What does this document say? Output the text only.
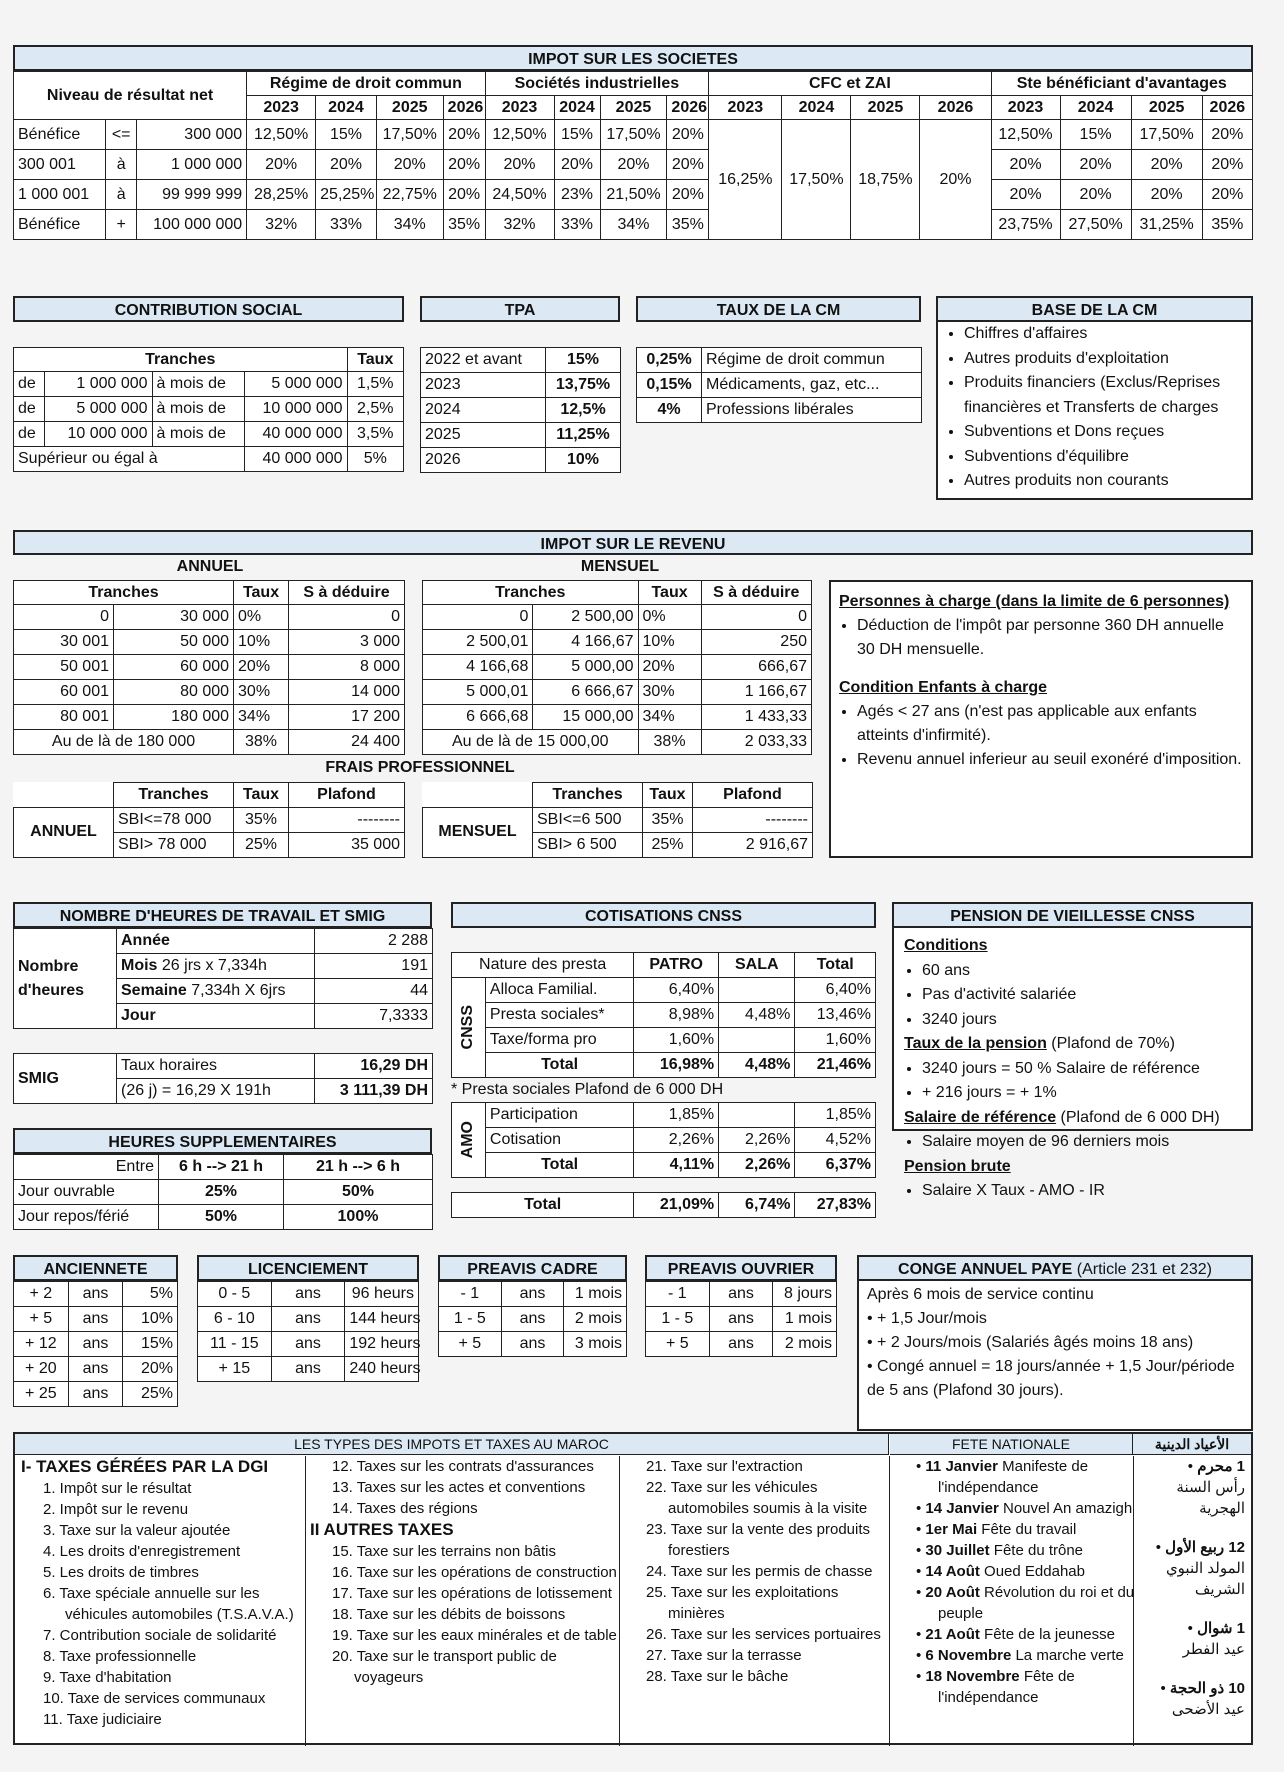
IMPOT SUR LES SOCIETES
Niveau de résultat net			Régime de droit commun				Sociétés industrielles				CFC et ZAI				Ste bénéficiant d'avantages			
			2023	2024	2025	2026	2023	2024	2025	2026	2023	2024	2025	2026	2023	2024	2025	2026
Bénéfice	<=	300 000	12,50%	15%	17,50%	20%	12,50%	15%	17,50%	20%	16,25%	17,50%	18,75%	20%	12,50%	15%	17,50%	20%
300 001	à	1 000 000	20%	20%	20%	20%	20%	20%	20%	20%					20%	20%	20%	20%
1 000 001	à	99 999 999	28,25%	25,25%	22,75%	20%	24,50%	23%	21,50%	20%					20%	20%	20%	20%
Bénéfice	+	100 000 000	32%	33%	34%	35%	32%	33%	34%	35%					23,75%	27,50%	31,25%	35%
CONTRIBUTION SOCIAL
Tranches				Taux
de	1 000 000	à mois de	5 000 000	1,5%
de	5 000 000	à mois de	10 000 000	2,5%
de	10 000 000	à mois de	40 000 000	3,5%
Supérieur ou égal à			40 000 000	5%
TPA
2022 et avant	15%
2023	13,75%
2024	12,5%
2025	11,25%
2026	10%
TAUX DE LA CM
0,25%	Régime de droit commun
0,15%	Médicaments, gaz, etc...
4%	Professions libérales
BASE DE LA CM
• Chiffres d'affaires
• Autres produits d'exploitation
• Produits financiers (Exclus/Reprises financières et Transferts de charges
• Subventions et Dons reçues
• Subventions d'équilibre
• Autres produits non courants
IMPOT SUR LE REVENU
ANNUEL	MENSUEL
Tranches		Taux	S à déduire
0	30 000	0%	0
30 001	50 000	10%	3 000
50 001	60 000	20%	8 000
60 001	80 000	30%	14 000
80 001	180 000	34%	17 200
Au de là de 180 000		38%	24 400
Tranches		Taux	S à déduire
0	2 500,00	0%	0
2 500,01	4 166,67	10%	250
4 166,68	5 000,00	20%	666,67
5 000,01	6 666,67	30%	1 166,67
6 666,68	15 000,00	34%	1 433,33
Au de là de 15 000,00		38%	2 033,33
FRAIS PROFESSIONNEL
	Tranches	Taux	Plafond
ANNUEL	SBI<=78 000	35%	--------
	SBI> 78 000	25%	35 000
	Tranches	Taux	Plafond
MENSUEL	SBI<=6 500	35%	--------
	SBI> 6 500	25%	2 916,67
Personnes à charge (dans la limite de 6 personnes)
• Déduction de l'impôt par personne 360 DH annuelle 30 DH mensuelle.
Condition Enfants à charge
• Agés < 27 ans (n'est pas applicable aux enfants atteints d'infirmité).
• Revenu annuel inferieur au seuil exonéré d'imposition.
NOMBRE D'HEURES DE TRAVAIL ET SMIG
Nombre d'heures	Année	2 288
	Mois 26 jrs x 7,334h	191
	Semaine 7,334h X 6jrs	44
	Jour	7,3333
SMIG	Taux horaires	16,29 DH
	(26 j) = 16,29 X 191h	3 111,39 DH
HEURES SUPPLEMENTAIRES
Entre	6 h --> 21 h	21 h --> 6 h
Jour ouvrable	25%	50%
Jour repos/férié	50%	100%
COTISATIONS CNSS
Nature des presta		PATRO	SALA	Total

CNSS	Alloca Familial.	6,40%		6,40%
	Presta sociales*	8,98%	4,48%	13,46%
	Taxe/forma pro	1,60%		1,60%
	Total	16,98%	4,48%	21,46%
* Presta sociales Plafond de 6 000 DH
AMO	Participation	1,85%		1,85%
	Cotisation	2,26%	2,26%	4,52%
	Total	4,11%	2,26%	6,37%
Total	21,09%	6,74%	27,83%
PENSION DE VIEILLESSE CNSS
Conditions
• 60 ans
• Pas d'activité salariée
• 3240 jours
Taux de la pension (Plafond de 70%)
• 3240 jours = 50 % Salaire de référence
• + 216 jours = + 1%
Salaire de référence (Plafond de 6 000 DH)
• Salaire moyen de 96 derniers mois
Pension brute
• Salaire X Taux - AMO - IR
ANCIENNETE
+ 2	ans	5%
+ 5	ans	10%
+ 12	ans	15%
+ 20	ans	20%
+ 25	ans	25%
LICENCIEMENT
0 - 5	ans	96 heurs
6 - 10	ans	144 heurs
11 - 15	ans	192 heurs
+ 15	ans	240 heurs
PREAVIS CADRE
- 1	ans	1 mois
1 - 5	ans	2 mois
+ 5	ans	3 mois
PREAVIS OUVRIER
- 1	ans	8 jours
1 - 5	ans	1 mois
+ 5	ans	2 mois
CONGE ANNUEL PAYE (Article 231 et 232)
Après 6 mois de service continu
• + 1,5 Jour/mois
• + 2 Jours/mois (Salariés âgés moins 18 ans)
• Congé annuel = 18 jours/année + 1,5 Jour/période de 5 ans (Plafond 30 jours).
LES TYPES DES IMPOTS ET TAXES AU MAROC	FETE NATIONALE	الأعياد الدينية
I- TAXES GÉRÉES PAR LA DGI
1. Impôt sur le résultat
2. Impôt sur le revenu
3. Taxe sur la valeur ajoutée
4. Les droits d'enregistrement
5. Les droits de timbres
6. Taxe spéciale annuelle sur les véhicules automobiles (T.S.A.V.A.)
7. Contribution sociale de solidarité
8. Taxe professionnelle
9. Taxe d'habitation
10. Taxe de services communaux
11. Taxe judiciaire
12. Taxes sur les contrats d'assurances
13. Taxes sur les actes et conventions
14. Taxes des régions
II AUTRES TAXES
15. Taxe sur les terrains non bâtis
16. Taxe sur les opérations de construction
17. Taxe sur les opérations de lotissement
18. Taxe sur les débits de boissons
19. Taxe sur les eaux minérales et de table
20. Taxe sur le transport public de voyageurs
21. Taxe sur l'extraction
22. Taxe sur les véhicules automobiles soumis à la visite
23. Taxe sur la vente des produits forestiers
24. Taxe sur les permis de chasse
25. Taxe sur les exploitations minières
26. Taxe sur les services portuaires
27. Taxe sur la terrasse
28. Taxe sur le bâche
• 11 Janvier Manifeste de l'indépendance
• 14 Janvier Nouvel An amazigh
• 1er Mai Fête du travail
• 30 Juillet Fête du trône
• 14 Août Oued Eddahab
• 20 Août Révolution du roi et du peuple
• 21 Août Fête de la jeunesse
• 6 Novembre La marche verte
• 18 Novembre Fête de l'indépendance
1 محرم •
رأس السنة الهجرية
12 ربيع الأول •
المولد النبوي الشريف
1 شوال •
عيد الفطر
10 ذو الحجة •
عيد الأضحى
